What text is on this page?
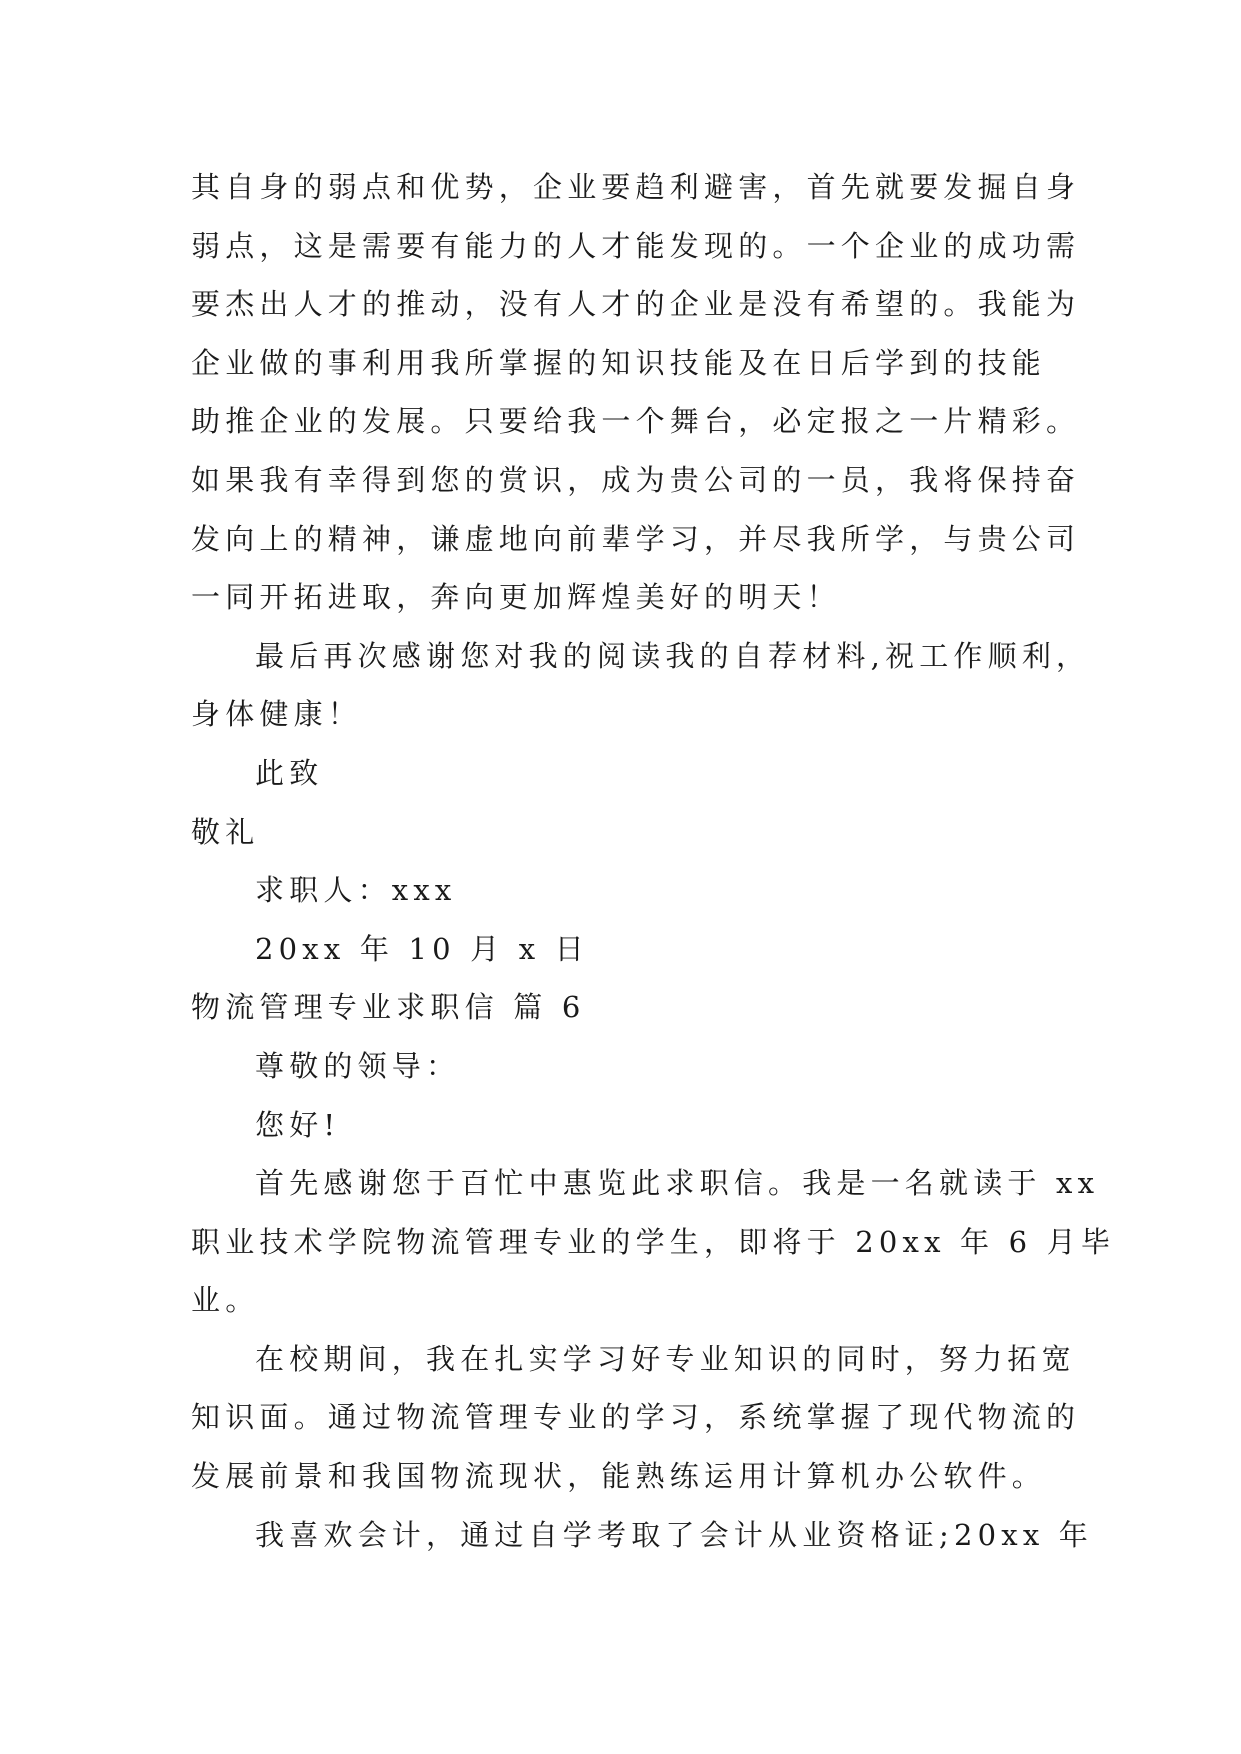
其自身的弱点和优势，企业要趋利避害，首先就要发掘自身
弱点，这是需要有能力的人才能发现的。一个企业的成功需
要杰出人才的推动，没有人才的企业是没有希望的。我能为
企业做的事利用我所掌握的知识技能及在日后学到的技能
助推企业的发展。只要给我一个舞台，必定报之一片精彩。
如果我有幸得到您的赏识，成为贵公司的一员，我将保持奋
发向上的精神，谦虚地向前辈学习，并尽我所学，与贵公司
一同开拓进取，奔向更加辉煌美好的明天！
最后再次感谢您对我的阅读我的自荐材料,祝工作顺利，
身体健康！
此致
敬礼
求职人：xxx
20xx 年 10 月 x 日
物流管理专业求职信 篇 6
尊敬的领导：
您好!
首先感谢您于百忙中惠览此求职信。我是一名就读于 xx
职业技术学院物流管理专业的学生，即将于 20xx 年 6 月毕
业。
在校期间，我在扎实学习好专业知识的同时，努力拓宽
知识面。通过物流管理专业的学习，系统掌握了现代物流的
发展前景和我国物流现状，能熟练运用计算机办公软件。
我喜欢会计，通过自学考取了会计从业资格证;20xx 年
